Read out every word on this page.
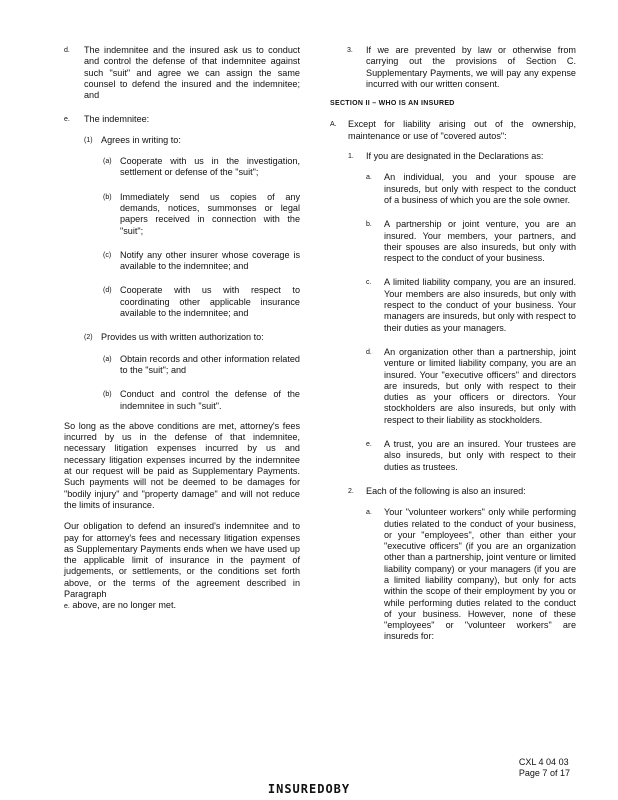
d. The indemnitee and the insured ask us to conduct and control the defense of that indemnitee against such "suit" and agree we can assign the same counsel to defend the insured and the indemnitee; and
e. The indemnitee:
(1) Agrees in writing to:
(a) Cooperate with us in the investigation, settlement or defense of the "suit";
(b) Immediately send us copies of any demands, notices, summonses or legal papers received in connection with the "suit";
(c) Notify any other insurer whose coverage is available to the indemnitee; and
(d) Cooperate with us with respect to coordinating other applicable insurance available to the indemnitee; and
(2) Provides us with written authorization to:
(a) Obtain records and other information related to the "suit"; and
(b) Conduct and control the defense of the indemnitee in such "suit".
So long as the above conditions are met, attorney's fees incurred by us in the defense of that indemnitee, necessary litigation expenses incurred by us and necessary litigation expenses incurred by the indemnitee at our request will be paid as Supplementary Payments. Such payments will not be deemed to be damages for "bodily injury" and "property damage" and will not reduce the limits of insurance.
Our obligation to defend an insured's indemnitee and to pay for attorney's fees and necessary litigation expenses as Supplementary Payments ends when we have used up the applicable limit of insurance in the payment of judgements, or settlements, or the conditions set forth above, or the terms of the agreement described in Paragraph
e. above, are no longer met.
3. If we are prevented by law or otherwise from carrying out the provisions of Section C. Supplementary Payments, we will pay any expense incurred with our written consent.
SECTION II – WHO IS AN INSURED
A. Except for liability arising out of the ownership, maintenance or use of "covered autos":
1. If you are designated in the Declarations as:
a. An individual, you and your spouse are insureds, but only with respect to the conduct of a business of which you are the sole owner.
b. A partnership or joint venture, you are an insured. Your members, your partners, and their spouses are also insureds, but only with respect to the conduct of your business.
c. A limited liability company, you are an insured. Your members are also insureds, but only with respect to the conduct of your business. Your managers are insureds, but only with respect to their duties as your managers.
d. An organization other than a partnership, joint venture or limited liability company, you are an insured. Your "executive officers" and directors are insureds, but only with respect to their duties as your officers or directors. Your stockholders are also insureds, but only with respect to their liability as stockholders.
e. A trust, you are an insured. Your trustees are also insureds, but only with respect to their duties as trustees.
2. Each of the following is also an insured:
a. Your "volunteer workers" only while performing duties related to the conduct of your business, or your "employees", other than either your "executive officers" (if you are an organization other than a partnership, joint venture or limited liability company) or your managers (if you are a limited liability company), but only for acts within the scope of their employment by you or while performing duties related to the conduct of your business. However, none of these "employees" or "volunteer workers" are insureds for:
CXL 4 04 03
Page 7 of 17
INSUREDOBY
